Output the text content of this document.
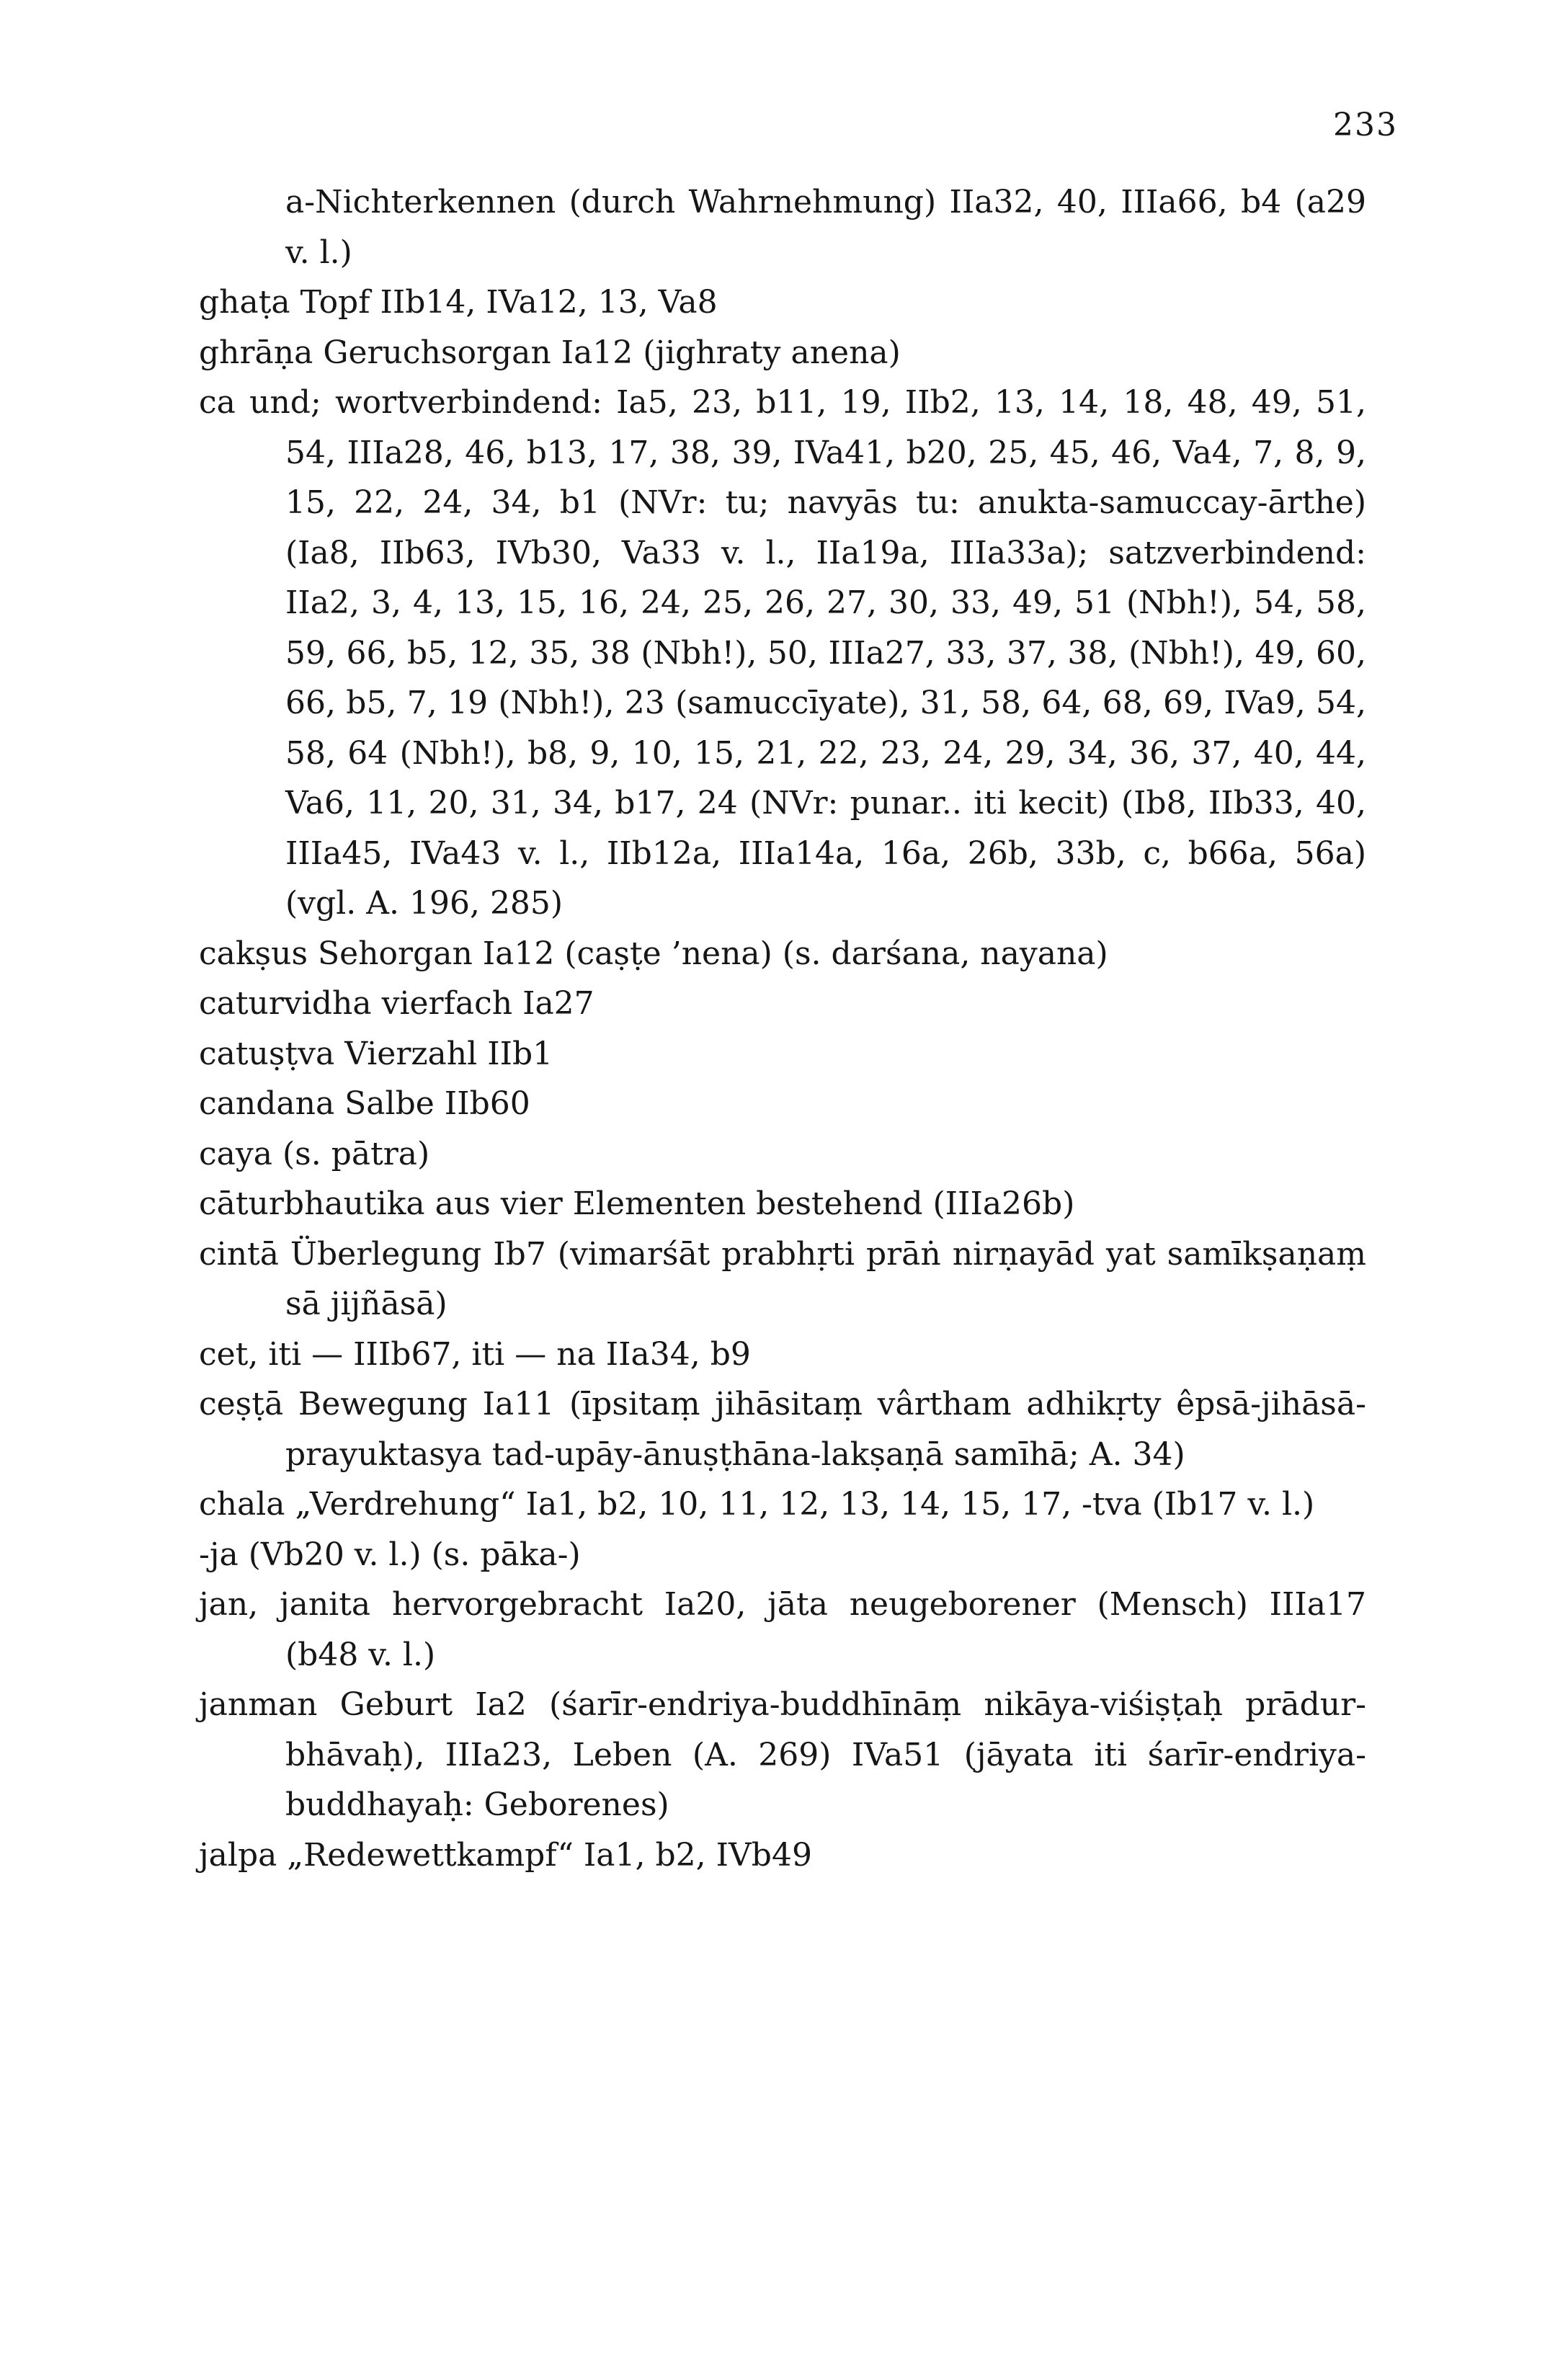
233
a-Nichterkennen (durch Wahrnehmung) IIa32, 40, IIIa66, b4 (a29 v. l.)
ghaṭa Topf IIb14, IVa12, 13, Va8
ghrāṇa Geruchsorgan Ia12 (jighraty anena)
ca und; wortverbindend: Ia5, 23, b11, 19, IIb2, 13, 14, 18, 48, 49, 51, 54, IIIa28, 46, b13, 17, 38, 39, IVa41, b20, 25, 45, 46, Va4, 7, 8, 9, 15, 22, 24, 34, b1 (NVr: tu; navyās tu: anukta-samuccay-ārthe) (Ia8, IIb63, IVb30, Va33 v. l., IIa19a, IIIa33a); satzverbindend: IIa2, 3, 4, 13, 15, 16, 24, 25, 26, 27, 30, 33, 49, 51 (Nbh!), 54, 58, 59, 66, b5, 12, 35, 38 (Nbh!), 50, IIIa27, 33, 37, 38, (Nbh!), 49, 60, 66, b5, 7, 19 (Nbh!), 23 (samuccīyate), 31, 58, 64, 68, 69, IVa9, 54, 58, 64 (Nbh!), b8, 9, 10, 15, 21, 22, 23, 24, 29, 34, 36, 37, 40, 44, Va6, 11, 20, 31, 34, b17, 24 (NVr: punar.. iti kecit) (Ib8, IIb33, 40, IIIa45, IVa43 v. l., IIb12a, IIIa14a, 16a, 26b, 33b, c, b66a, 56a) (vgl. A. 196, 285)
cakṣus Sehorgan Ia12 (caṣṭe ’nena) (s. darśana, nayana)
caturvidha vierfach Ia27
catuṣṭva Vierzahl IIb1
candana Salbe IIb60
caya (s. pātra)
cāturbhautika aus vier Elementen bestehend (IIIa26b)
cintā Überlegung Ib7 (vimarśāt prabhṛti prāṅ nirṇayād yat samīkṣaṇaṃ sā jijñāsā)
cet, iti — IIIb67, iti — na IIa34, b9
ceṣṭā Bewegung Ia11 (īpsitaṃ jihāsitaṃ vârtham adhikṛty êpsā-jihāsā-prayuktasya tad-upāy-ānuṣṭhāna-lakṣaṇā samīhā; A. 34)
chala „Verdrehung“ Ia1, b2, 10, 11, 12, 13, 14, 15, 17, -tva (Ib17 v. l.)
-ja (Vb20 v. l.) (s. pāka-)
jan, janita hervorgebracht Ia20, jāta neugeborener (Mensch) IIIa17 (b48 v. l.)
janman Geburt Ia2 (śarīr-endriya-buddhīnāṃ nikāya-viśiṣṭaḥ prādur-bhāvaḥ), IIIa23, Leben (A. 269) IVa51 (jāyata iti śarīr-endriya-buddhayaḥ: Geborenes)
jalpa „Redewettkampf“ Ia1, b2, IVb49
